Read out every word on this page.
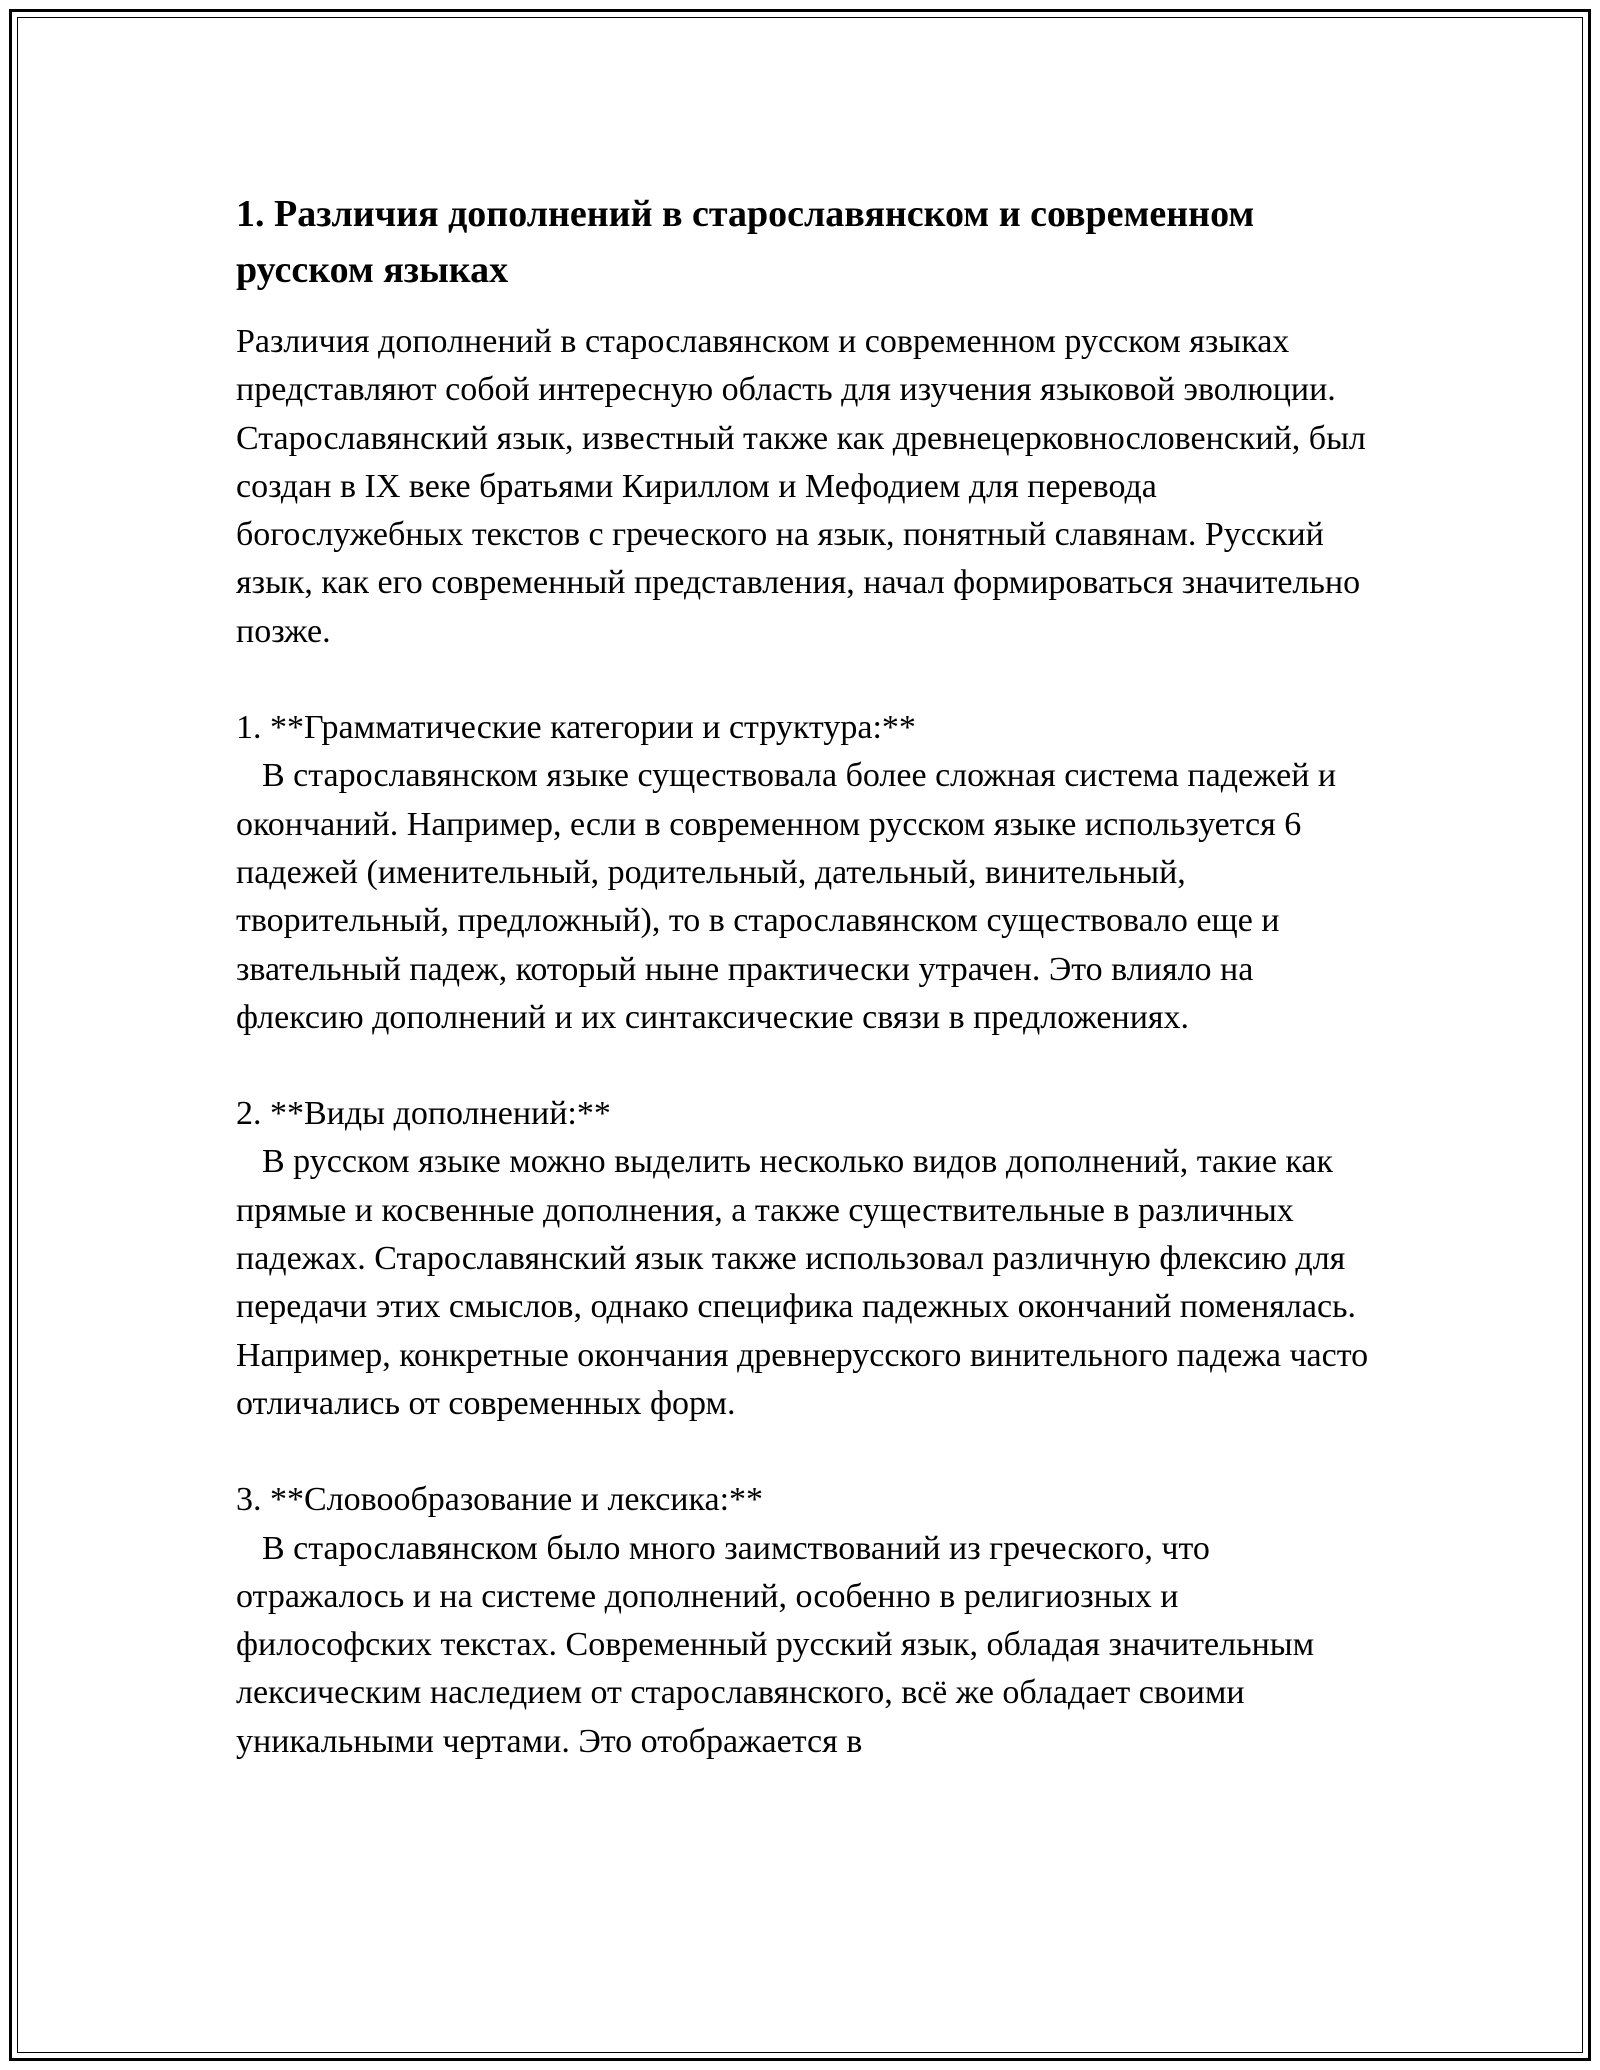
1. Различия дополнений в старославянском и современном русском языках

Различия дополнений в старославянском и современном русском языках представляют собой интересную область для изучения языковой эволюции. Старославянский язык, известный также как древнецерковнословенский, был создан в IX веке братьями Кириллом и Мефодием для перевода богослужебных текстов с греческого на язык, понятный славянам. Русский язык, как его современный представления, начал формироваться значительно позже.

1. **Грамматические категории и структура:**

В старославянском языке существовала более сложная система падежей и окончаний. Например, если в современном русском языке используется 6 падежей (именительный, родительный, дательный, винительный, творительный, предложный), то в старославянском существовало еще и звательный падеж, который ныне практически утрачен. Это влияло на флексию дополнений и их синтаксические связи в предложениях.

2. **Виды дополнений:**

В русском языке можно выделить несколько видов дополнений, такие как прямые и косвенные дополнения, а также существительные в различных падежах. Старославянский язык также использовал различную флексию для передачи этих смыслов, однако специфика падежных окончаний поменялась. Например, конкретные окончания древнерусского винительного падежа часто отличались от современных форм.

3. **Словообразование и лексика:**

В старославянском было много заимствований из греческого, что отражалось и на системе дополнений, особенно в религиозных и философских текстах. Современный русский язык, обладая значительным лексическим наследием от старославянского, всё же обладает своими уникальными чертами. Это отображается в
